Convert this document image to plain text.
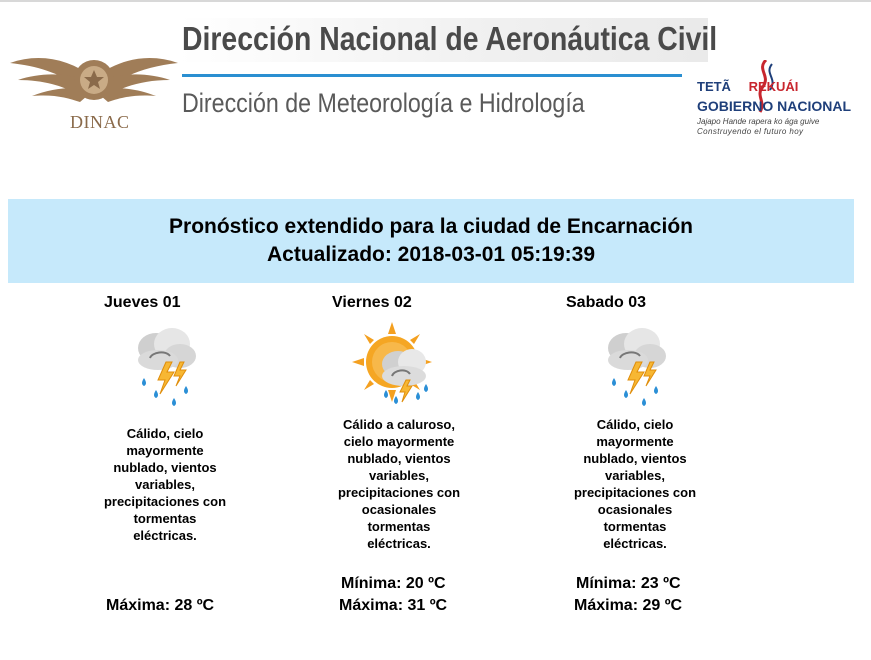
DINAC
Dirección Nacional de Aeronáutica Civil
Dirección de Meteorología e Hidrología
TETÃ REKUÁI
GOBIERNO NACIONAL
Jajapo Hande rapera ko ága guive
Construyendo el futuro hoy
Pronóstico extendido para la ciudad de Encarnación
Actualizado: 2018-03-01 05:19:39
Jueves 01
Cálido, cielo mayormente nublado, vientos variables, precipitaciones con tormentas eléctricas.
Máxima: 28 ºC
Viernes 02
Cálido a caluroso, cielo mayormente nublado, vientos variables, precipitaciones con ocasionales tormentas eléctricas.
Mínima: 20 ºC
Máxima: 31 ºC
Sabado 03
Cálido, cielo mayormente nublado, vientos variables, precipitaciones con ocasionales tormentas eléctricas.
Mínima: 23 ºC
Máxima: 29 ºC
